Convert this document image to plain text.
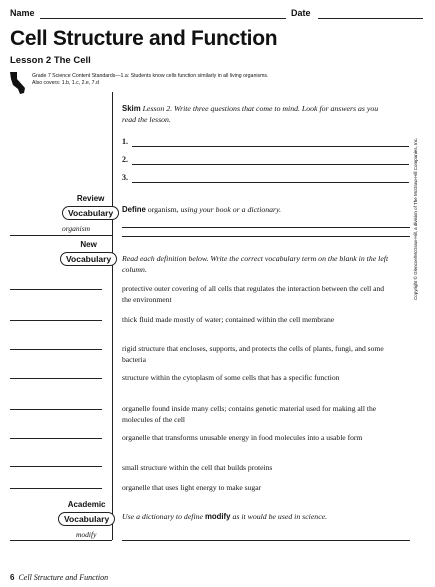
Name	Date
Cell Structure and Function
Lesson 2 The Cell
Grade 7 Science Content Standards—1.a: Students know cells function similarly in all living organisms.
Also covers: 1.b, 1.c, 2.e, 7.d
Skim Lesson 2. Write three questions that come to mind. Look for answers as you read the lesson.
1.
2.
3.
Review
Vocabulary	Define organism, using your book or a dictionary.
organism
New
Vocabulary	Read each definition below. Write the correct vocabulary term on the blank in the left column.
protective outer covering of all cells that regulates the interaction between the cell and the environment
thick fluid made mostly of water; contained within the cell membrane
rigid structure that encloses, supports, and protects the cells of plants, fungi, and some bacteria
structure within the cytoplasm of some cells that has a specific function
organelle found inside many cells; contains genetic material used for making all the molecules of the cell
organelle that transforms unusable energy in food molecules into a usable form
small structure within the cell that builds proteins
organelle that uses light energy to make sugar
Academic
Vocabulary	Use a dictionary to define modify as it would be used in science.
modify
6 Cell Structure and Function
Copyright © Glencoe/McGraw-Hill, a division of The McGraw-Hill Companies, Inc.
